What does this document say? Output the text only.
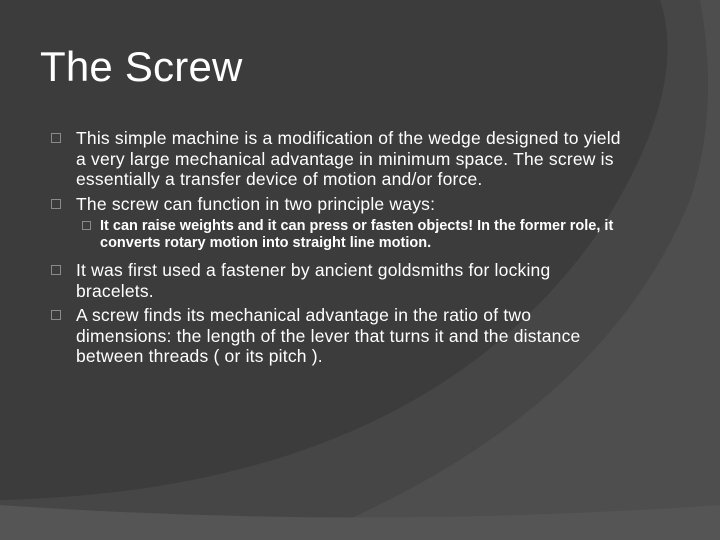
The Screw
This simple machine is a modification of the wedge designed to yield a very large mechanical advantage in minimum space. The screw is essentially a transfer device of motion and/or force.
The screw can function in two principle ways:
It can raise weights and it can press or fasten objects! In the former role, it converts rotary motion into straight line motion.
It was first used a fastener by ancient goldsmiths for locking bracelets.
A screw finds its mechanical advantage in the ratio of two dimensions: the length of the lever that turns it and the distance between threads ( or its pitch ).
